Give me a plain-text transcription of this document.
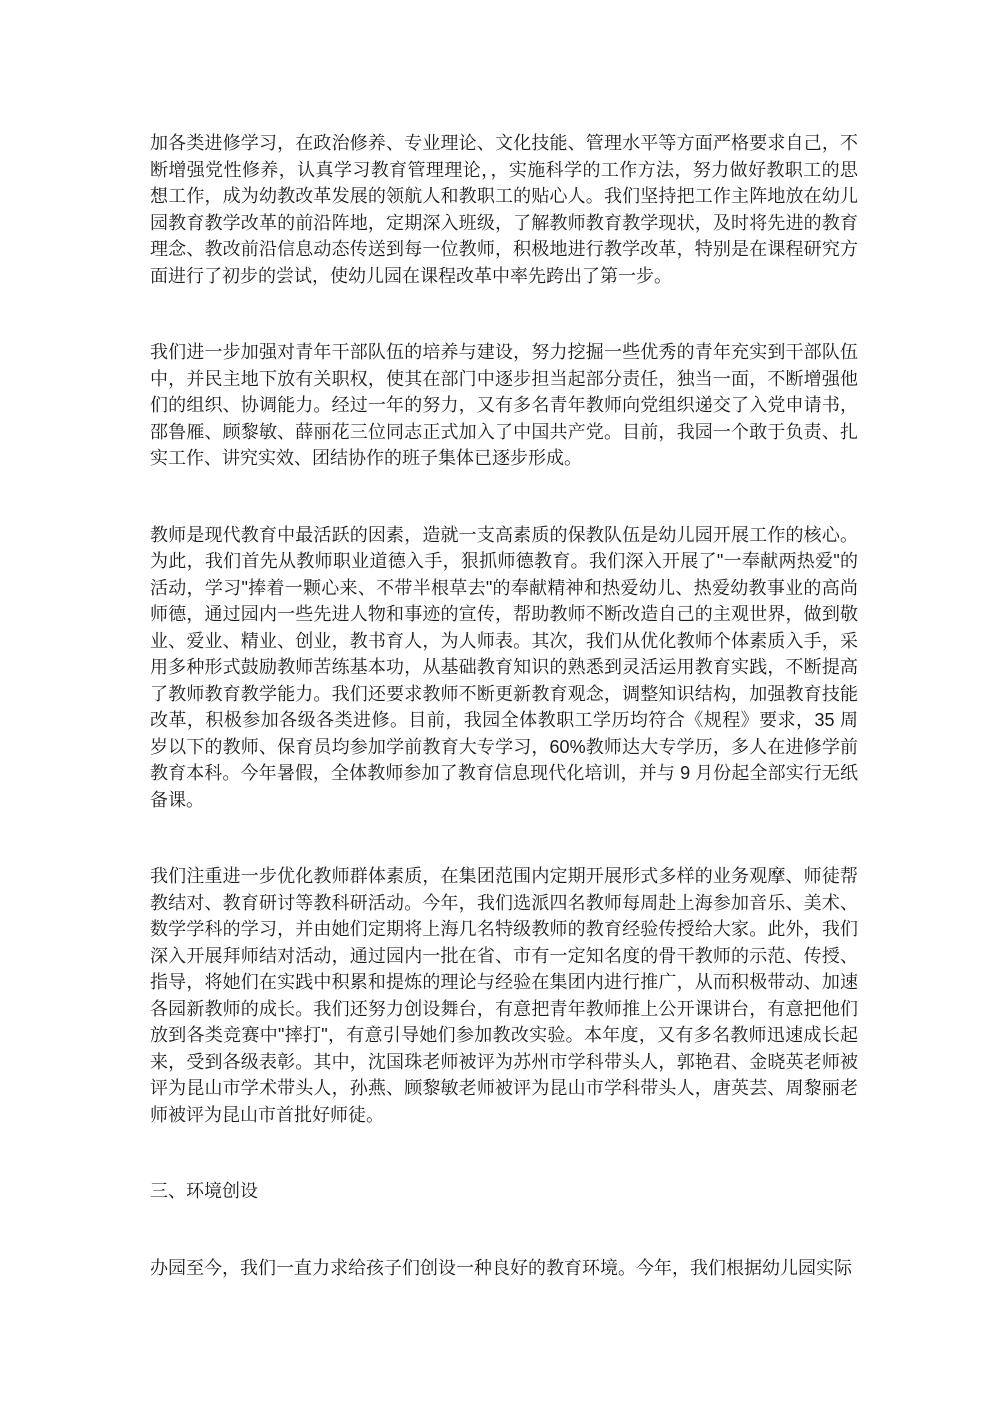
加各类进修学习，在政治修养、专业理论、文化技能、管理水平等方面严格要求自己，不断增强党性修养，认真学习教育管理理论，，实施科学的工作方法，努力做好教职工的思想工作，成为幼教改革发展的领航人和教职工的贴心人。我们坚持把工作主阵地放在幼儿园教育教学改革的前沿阵地，定期深入班级，了解教师教育教学现状，及时将先进的教育理念、教改前沿信息动态传送到每一位教师，积极地进行教学改革，特别是在课程研究方面进行了初步的尝试，使幼儿园在课程改革中率先跨出了第一步。

我们进一步加强对青年干部队伍的培养与建设，努力挖掘一些优秀的青年充实到干部队伍中，并民主地下放有关职权，使其在部门中逐步担当起部分责任，独当一面，不断增强他们的组织、协调能力。经过一年的努力，又有多名青年教师向党组织递交了入党申请书，邵鲁雁、顾黎敏、薛丽花三位同志正式加入了中国共产党。目前，我园一个敢于负责、扎实工作、讲究实效、团结协作的班子集体已逐步形成。

教师是现代教育中最活跃的因素，造就一支高素质的保教队伍是幼儿园开展工作的核心。为此，我们首先从教师职业道德入手，狠抓师德教育。我们深入开展了"一奉献两热爱"的活动，学习"捧着一颗心来、不带半根草去"的奉献精神和热爱幼儿、热爱幼教事业的高尚师德，通过园内一些先进人物和事迹的宣传，帮助教师不断改造自己的主观世界，做到敬业、爱业、精业、创业，教书育人，为人师表。其次，我们从优化教师个体素质入手，采用多种形式鼓励教师苦练基本功，从基础教育知识的熟悉到灵活运用教育实践，不断提高了教师教育教学能力。我们还要求教师不断更新教育观念，调整知识结构，加强教育技能改革，积极参加各级各类进修。目前，我园全体教职工学历均符合《规程》要求，35 周岁以下的教师、保育员均参加学前教育大专学习，60%教师达大专学历，多人在进修学前教育本科。今年暑假，全体教师参加了教育信息现代化培训，并与 9 月份起全部实行无纸备课。

我们注重进一步优化教师群体素质，在集团范围内定期开展形式多样的业务观摩、师徒帮教结对、教育研讨等教科研活动。今年，我们选派四名教师每周赴上海参加音乐、美术、数学学科的学习，并由她们定期将上海几名特级教师的教育经验传授给大家。此外，我们深入开展拜师结对活动，通过园内一批在省、市有一定知名度的骨干教师的示范、传授、指导，将她们在实践中积累和提炼的理论与经验在集团内进行推广，从而积极带动、加速各园新教师的成长。我们还努力创设舞台，有意把青年教师推上公开课讲台，有意把他们放到各类竞赛中"摔打"，有意引导她们参加教改实验。本年度，又有多名教师迅速成长起来，受到各级表彰。其中，沈国珠老师被评为苏州市学科带头人，郭艳君、金晓英老师被评为昆山市学术带头人，孙燕、顾黎敏老师被评为昆山市学科带头人，唐英芸、周黎丽老师被评为昆山市首批好师徒。

三、环境创设

办园至今，我们一直力求给孩子们创设一种良好的教育环境。今年，我们根据幼儿园实际
